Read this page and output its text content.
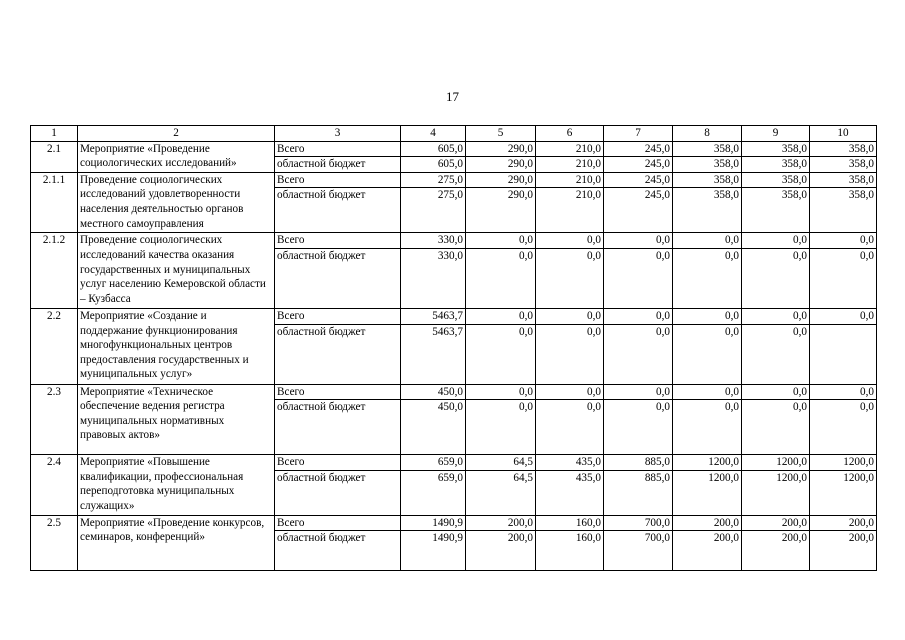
17
1	2	3	4	5	6	7	8	9	10
2.1	Мероприятие «Проведение социологических исследований»	Всего	605,0	290,0	210,0	245,0	358,0	358,0	358,0
		областной бюджет	605,0	290,0	210,0	245,0	358,0	358,0	358,0
2.1.1	Проведение социологических исследований удовлетворенности населения деятельностью органов местного самоуправления	Всего	275,0	290,0	210,0	245,0	358,0	358,0	358,0
		областной бюджет	275,0	290,0	210,0	245,0	358,0	358,0	358,0
2.1.2	Проведение социологических исследований качества оказания государственных и муниципальных услуг населению Кемеровской области – Кузбасса	Всего	330,0	0,0	0,0	0,0	0,0	0,0	0,0
		областной бюджет	330,0	0,0	0,0	0,0	0,0	0,0	0,0
2.2	Мероприятие «Создание и поддержание функционирования многофункциональных центров предоставления государственных и муниципальных услуг»	Всего	5463,7	0,0	0,0	0,0	0,0	0,0	0,0
		областной бюджет	5463,7	0,0	0,0	0,0	0,0	0,0	
2.3	Мероприятие «Техническое обеспечение ведения регистра муниципальных нормативных правовых актов»	Всего	450,0	0,0	0,0	0,0	0,0	0,0	0,0
		областной бюджет	450,0	0,0	0,0	0,0	0,0	0,0	0,0
2.4	Мероприятие «Повышение квалификации, профессиональная переподготовка муниципальных служащих»	Всего	659,0	64,5	435,0	885,0	1200,0	1200,0	1200,0
		областной бюджет	659,0	64,5	435,0	885,0	1200,0	1200,0	1200,0
2.5	Мероприятие «Проведение конкурсов, семинаров, конференций»	Всего	1490,9	200,0	160,0	700,0	200,0	200,0	200,0
		областной бюджет	1490,9	200,0	160,0	700,0	200,0	200,0	200,0
